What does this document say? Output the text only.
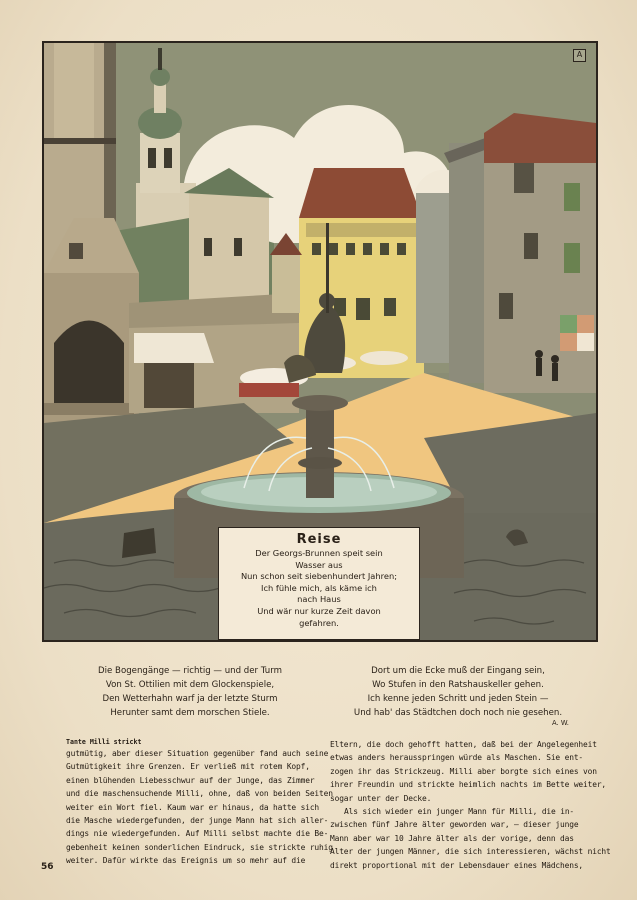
A
Reise
Der Georgs-Brunnen speit sein
Wasser aus
Nun schon seit siebenhundert Jahren;
Ich fühle mich, als käme ich
nach Haus
Und wär nur kurze Zeit davon
gefahren.
Die Bogengänge — richtig — und der Turm
Von St. Ottilien mit dem Glockenspiele,
Den Wetterhahn warf ja der letzte Sturm
Herunter samt dem morschen Stiele.
Dort um die Ecke muß der Eingang sein,
Wo Stufen in den Ratshauskeller gehen.
Ich kenne jeden Schritt und jeden Stein —
Und hab' das Städtchen doch noch nie gesehen.
A. W.
Tante Milli strickt
gutmütig, aber dieser Situation gegenüber fand auch seine
Gutmütigkeit ihre Grenzen. Er verließ mit rotem Kopf,
einen blühenden Liebesschwur auf der Junge, das Zimmer
und die maschensuchende Milli, ohne, daß von beiden Seiten
weiter ein Wort fiel. Kaum war er hinaus, da hatte sich
die Masche wiedergefunden, der junge Mann hat sich aller-
dings nie wiedergefunden. Auf Milli selbst machte die Be-
gebenheit keinen sonderlichen Eindruck, sie strickte ruhig
weiter. Dafür wirkte das Ereignis um so mehr auf die
Eltern, die doch gehofft hatten, daß bei der Angelegenheit
etwas anders herausspringen würde als Maschen. Sie ent-
zogen ihr das Strickzeug. Milli aber borgte sich eines von
ihrer Freundin und strickte heimlich nachts im Bette weiter,
sogar unter der Decke.
Als sich wieder ein junger Mann für Milli, die in-
zwischen fünf Jahre älter geworden war, — dieser junge
Mann aber war 10 Jahre älter als der vorige, denn das
Alter der jungen Männer, die sich interessieren, wächst nicht
direkt proportional mit der Lebensdauer eines Mädchens,
56
